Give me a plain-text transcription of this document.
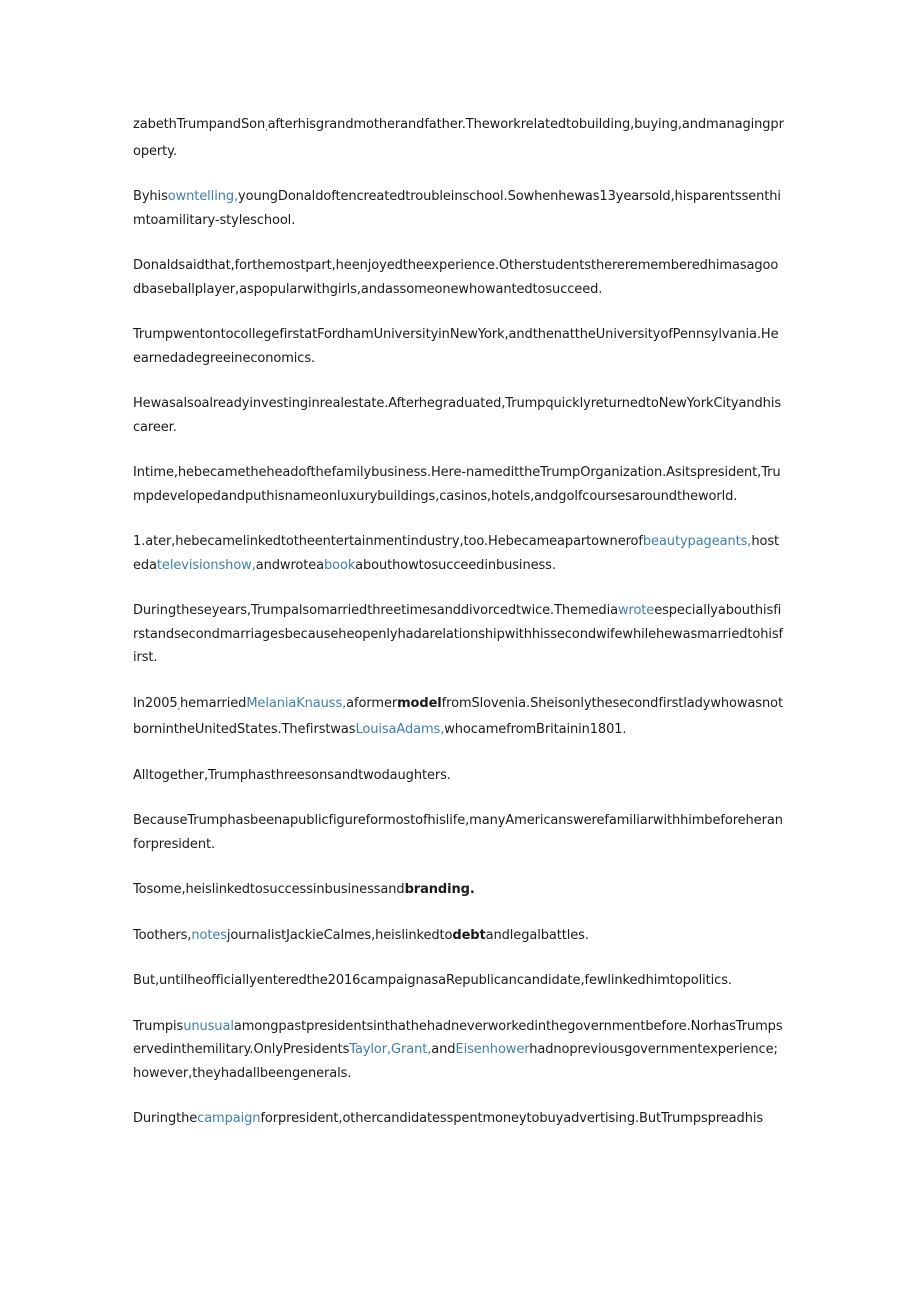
zabethTrumpandSon$_,$afterhisgrandmotherandfather.Theworkrelatedtobuilding,buying,andmanagingproperty.

Byhisowntelling,youngDonaldoftencreatedtroubleinschool.Sowhenhewas13yearsold,hisparentssenthimtoamilitary-styleschool.

Donaldsaidthat,forthemostpart,heenjoyedtheexperience.Otherstudentsthererememberedhimasagoodbaseballplayer,aspopularwithgirls,andassomeonewhowantedtosucceed.

TrumpwentontocollegefirstatFordhamUniversityinNewYork,andthenattheUniversityofPennsylvania.Heearnedadegreeineconomics.

Hewasalsoalreadyinvestinginrealestate.Afterhegraduated,TrumpquicklyreturnedtoNewYorkCityandhiscareer.

Intime,hebecametheheadofthefamilybusiness.Here-namedittheTrumpOrganization.Asitspresident,Trumpdevelopedandputhisnameonluxurybuildings,casinos,hotels,andgolfcoursesaroundtheworld.

1.ater,hebecamelinkedtotheentertainmentindustry,too.Hebecameapartownerofbeautypageants,hostedatelevisionshow,andwroteabookabouthowtosucceedinbusiness.

Duringtheseyears,Trumpalsomarriedthreetimesanddivorcedtwice.Themediawroteespeciallyabouthisfirstandsecondmarriagesbecauseheopenlyhadarelationshipwithhissecondwifewhilehewasmarriedtohisfirst.

$In2005_,hemarriedMelaniaKnauss,aformermodelfromSlovenia.SheisonlythesecondfirstladywhowasnotbornintheUnitedStates.Thefirs$twasLouisaAdams,whocamefromBritainin1801.

Alltogether,Trumphasthreesonsandtwodaughters.

BecauseTrumphasbeenapublicfigureformostofhislife,manyAmericanswerefamiliarwithhimbeforeheranforpresident.

Tosome,heislinkedtosuccessinbusinessandbranding.

Toothers,notesjournalistJackieCalmes,heislinkedtodebtandlegalbattles.

But,untilheofficiallyenteredthe2016campaignasaRepublicancandidate,fewlinkedhimtopolitics.

Trumpisunusualamongpastpresidentsinthathehadneverworkedinthegovernmentbefore.NorhasTrumpservedinthemilitary.OnlyPresidentsTaylor,Grant,andEisenhowerhadnopreviousgovernmentexperience;however,theyhadallbeengenerals.

Duringthecampaignforpresident,othercandidatesspentmoneytobuyadvertising.ButTrumpspreadhis
